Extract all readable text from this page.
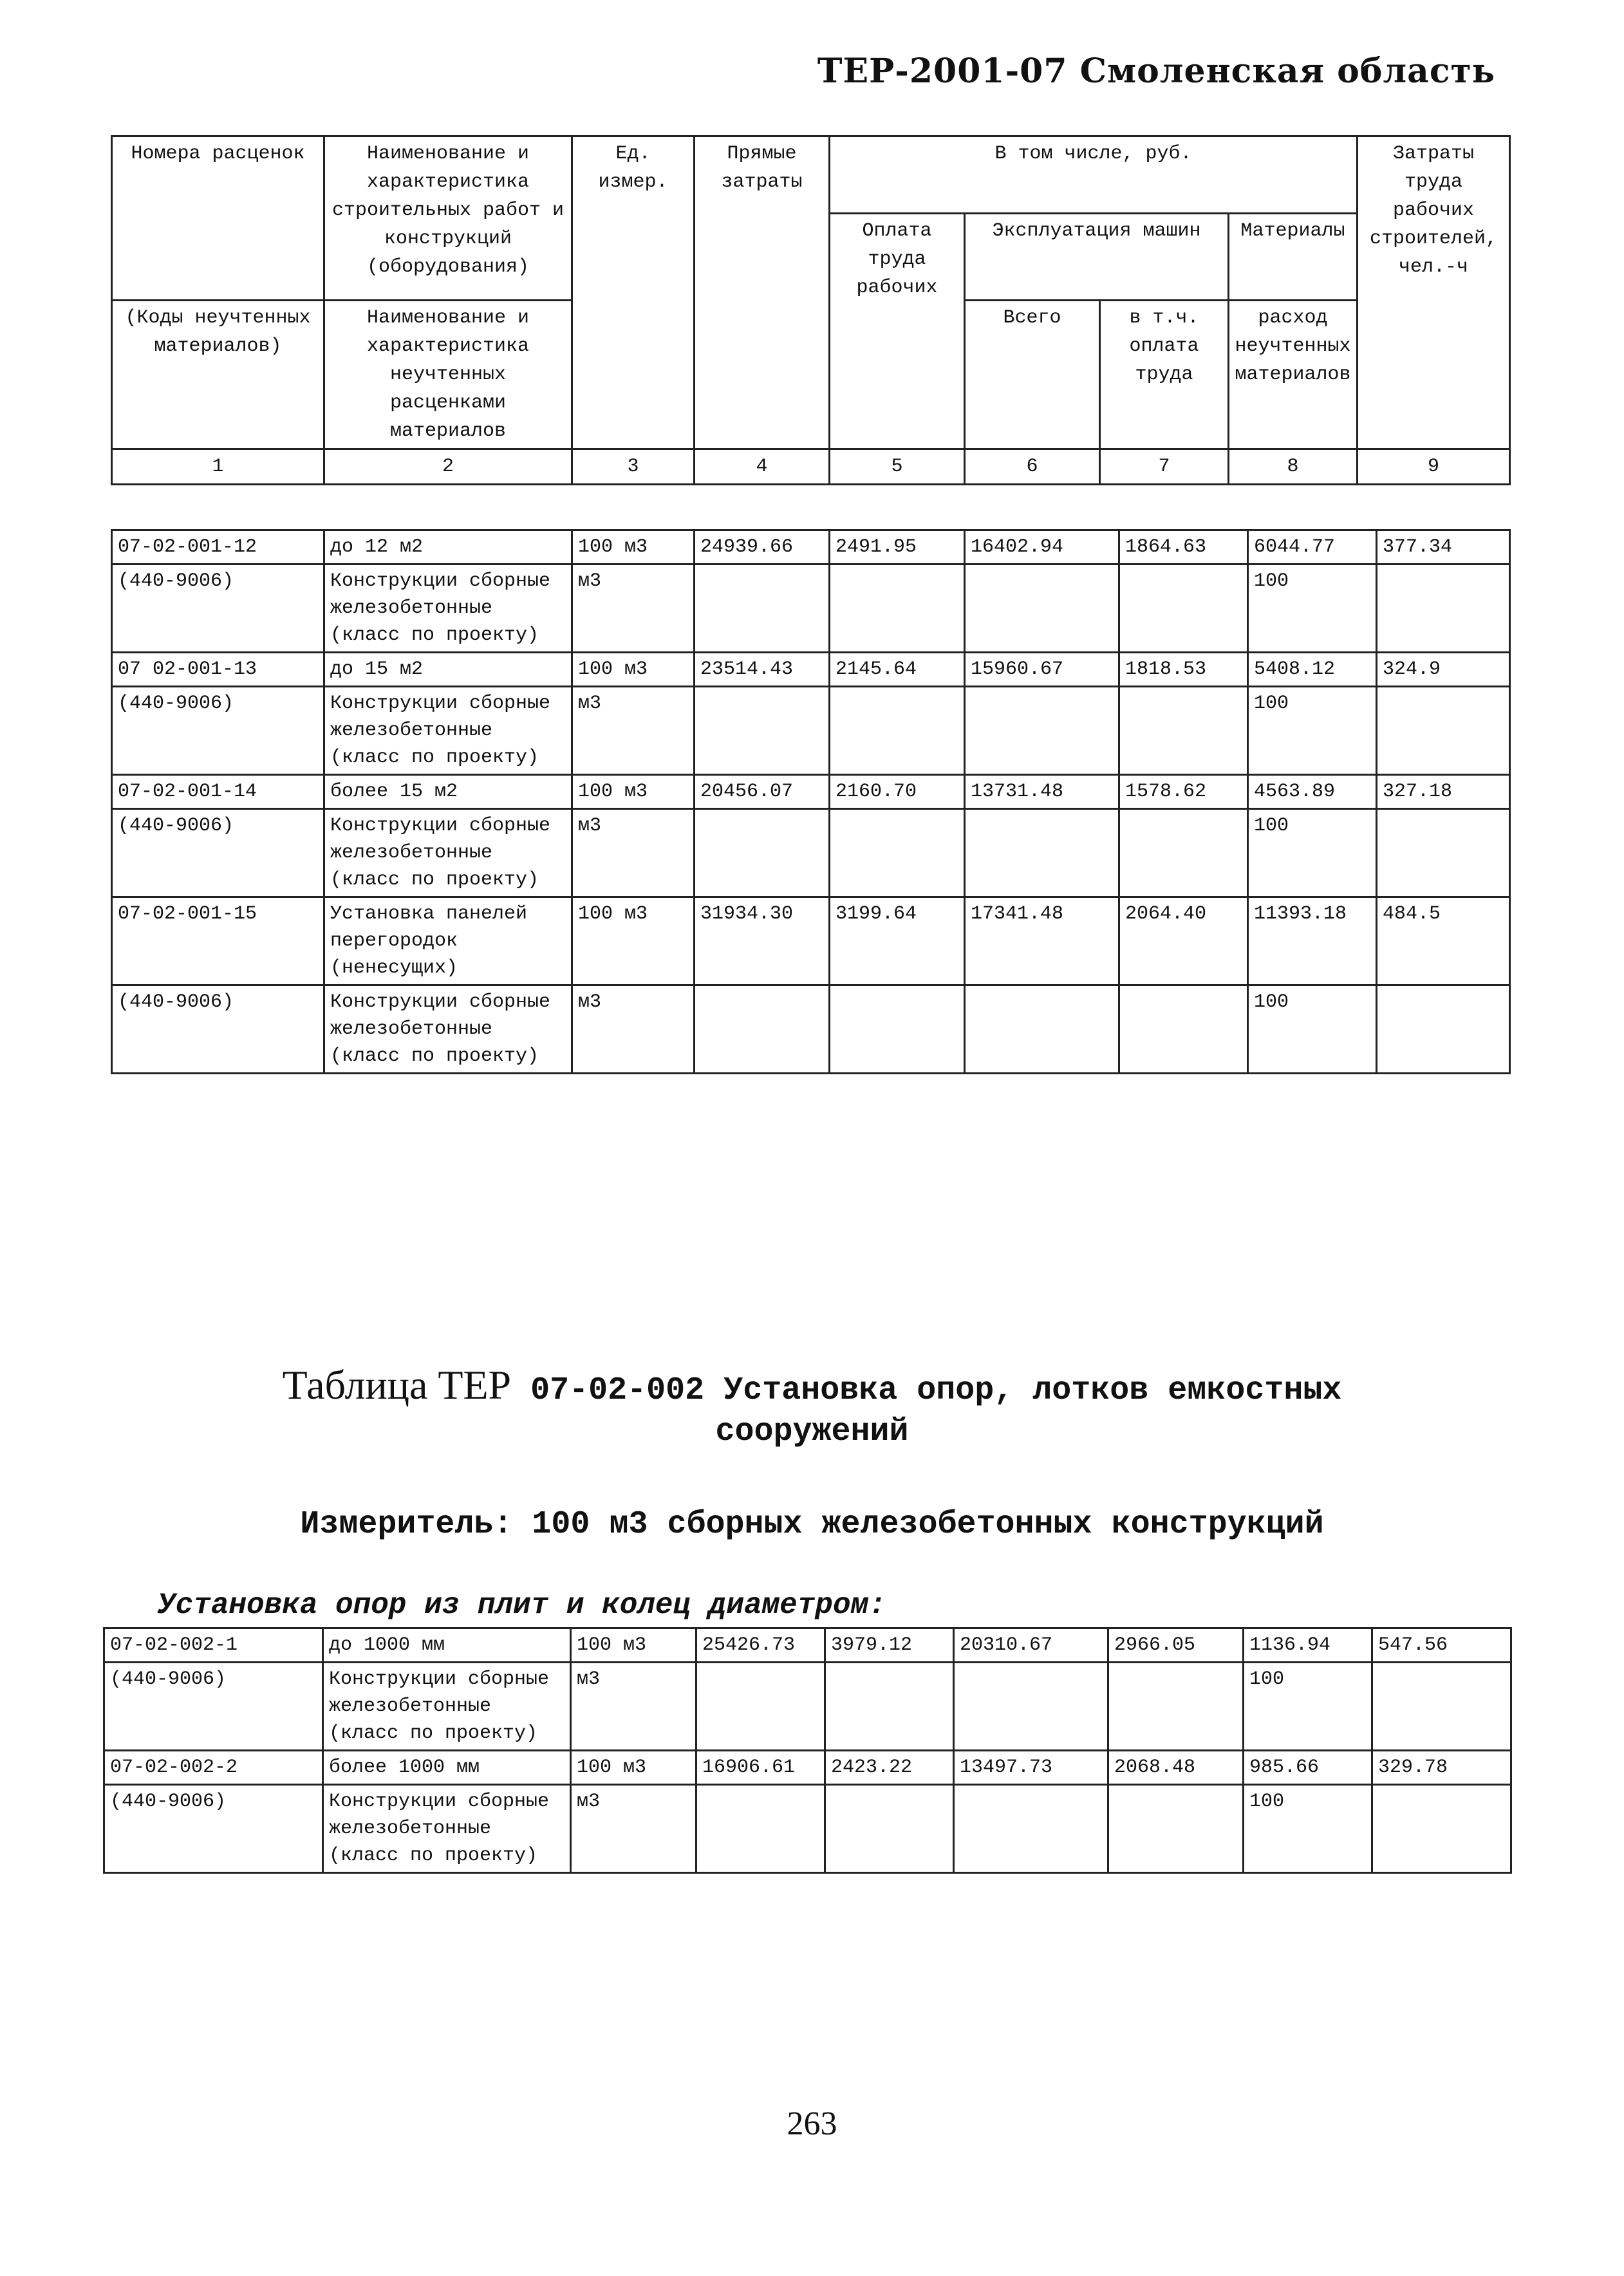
ТЕР-2001-07 Смоленская область
Номера расценок	Наименование и характеристика строительных работ и конструкций (оборудования)	Ед. измер.	Прямые затраты	В том числе, руб.				Затраты труда рабочих строителей, чел.-ч
				Оплата труда рабочих	Эксплуатация машин		Материалы	
(Коды неучтенных материалов)	Наименование и характеристика неучтенных расценками материалов				Всего	в т.ч. оплата труда	расход неучтенных материалов	
1	2	3	4	5	6	7	8	9
07-02-001-12	до 12 м2	100 м3	24939.66	2491.95	16402.94	1864.63	6044.77	377.34
(440-9006)	Конструкции сборные железобетонные (класс по проекту)	м3					100	
07 02-001-13	до 15 м2	100 м3	23514.43	2145.64	15960.67	1818.53	5408.12	324.9
(440-9006)	Конструкции сборные железобетонные (класс по проекту)	м3					100	
07-02-001-14	более 15 м2	100 м3	20456.07	2160.70	13731.48	1578.62	4563.89	327.18
(440-9006)	Конструкции сборные железобетонные (класс по проекту)	м3					100	
07-02-001-15	Установка панелей перегородок (ненесущих)	100 м3	31934.30	3199.64	17341.48	2064.40	11393.18	484.5
(440-9006)	Конструкции сборные железобетонные (класс по проекту)	м3					100	
Таблица ТЕР 07-02-002 Установка опор, лотков емкостных
сооружений
Измеритель: 100 м3 сборных железобетонных конструкций
Установка опор из плит и колец диаметром:
07-02-002-1	до 1000 мм	100 м3	25426.73	3979.12	20310.67	2966.05	1136.94	547.56
(440-9006)	Конструкции сборные железобетонные (класс по проекту)	м3					100	
07-02-002-2	более 1000 мм	100 м3	16906.61	2423.22	13497.73	2068.48	985.66	329.78
(440-9006)	Конструкции сборные железобетонные (класс по проекту)	м3					100	
263
